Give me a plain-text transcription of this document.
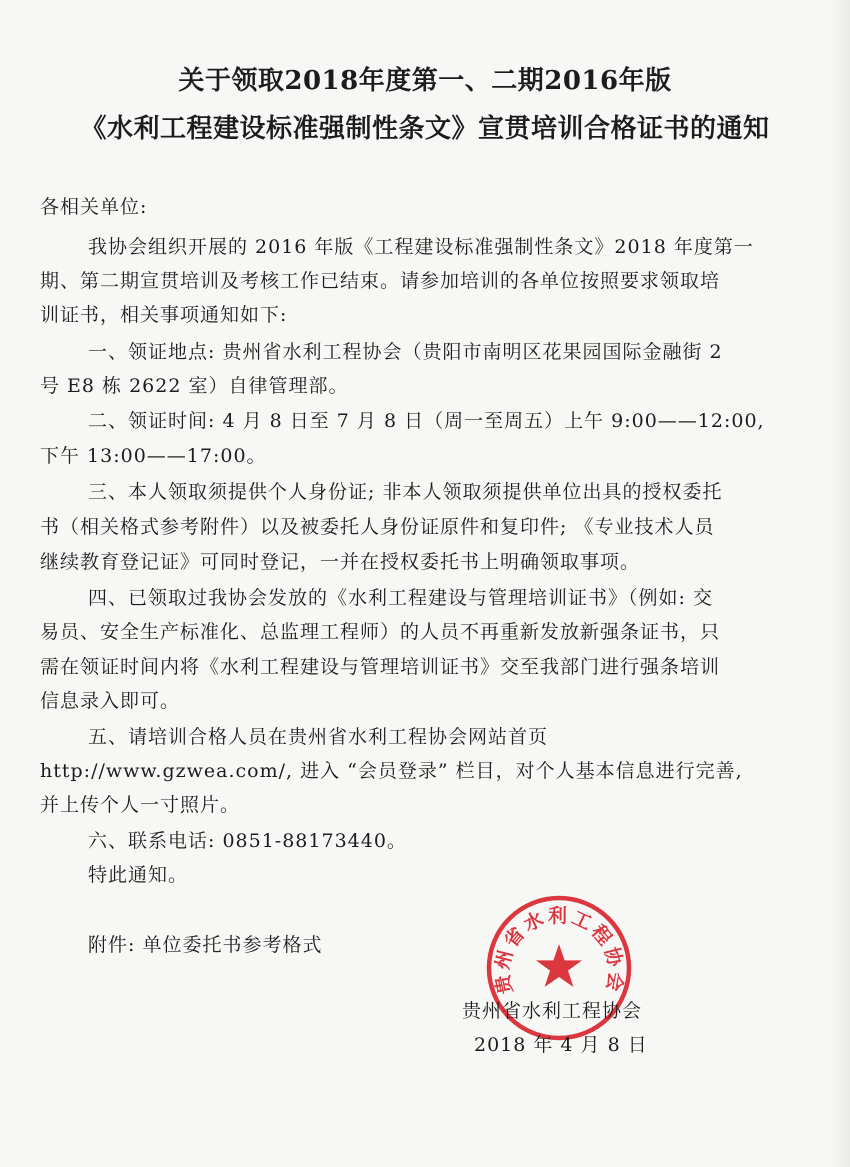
关于领取2018年度第一、二期2016年版
《水利工程建设标准强制性条文》宣贯培训合格证书的通知
各相关单位:
我协会组织开展的 2016 年版《工程建设标准强制性条文》2018 年度第一
期、第二期宣贯培训及考核工作已结束。请参加培训的各单位按照要求领取培
训证书，相关事项通知如下:
一、领证地点: 贵州省水利工程协会（贵阳市南明区花果园国际金融街 2
号 E8 栋 2622 室）自律管理部。
二、领证时间: 4 月 8 日至 7 月 8 日（周一至周五）上午 9:00——12:00,
下午 13:00——17:00。
三、本人领取须提供个人身份证; 非本人领取须提供单位出具的授权委托
书（相关格式参考附件）以及被委托人身份证原件和复印件; 《专业技术人员
继续教育登记证》可同时登记，一并在授权委托书上明确领取事项。
四、已领取过我协会发放的《水利工程建设与管理培训证书》（例如: 交
易员、安全生产标准化、总监理工程师）的人员不再重新发放新强条证书，只
需在领证时间内将《水利工程建设与管理培训证书》交至我部门进行强条培训
信息录入即可。
五、请培训合格人员在贵州省水利工程协会网站首页
http://www.gzwea.com/, 进入 “会员登录” 栏目，对个人基本信息进行完善,
并上传个人一寸照片。
六、联系电话: 0851-88173440。
特此通知。
附件: 单位委托书参考格式
贵州省水利工程协会
贵州省水利工程协会
2018 年 4 月 8 日
